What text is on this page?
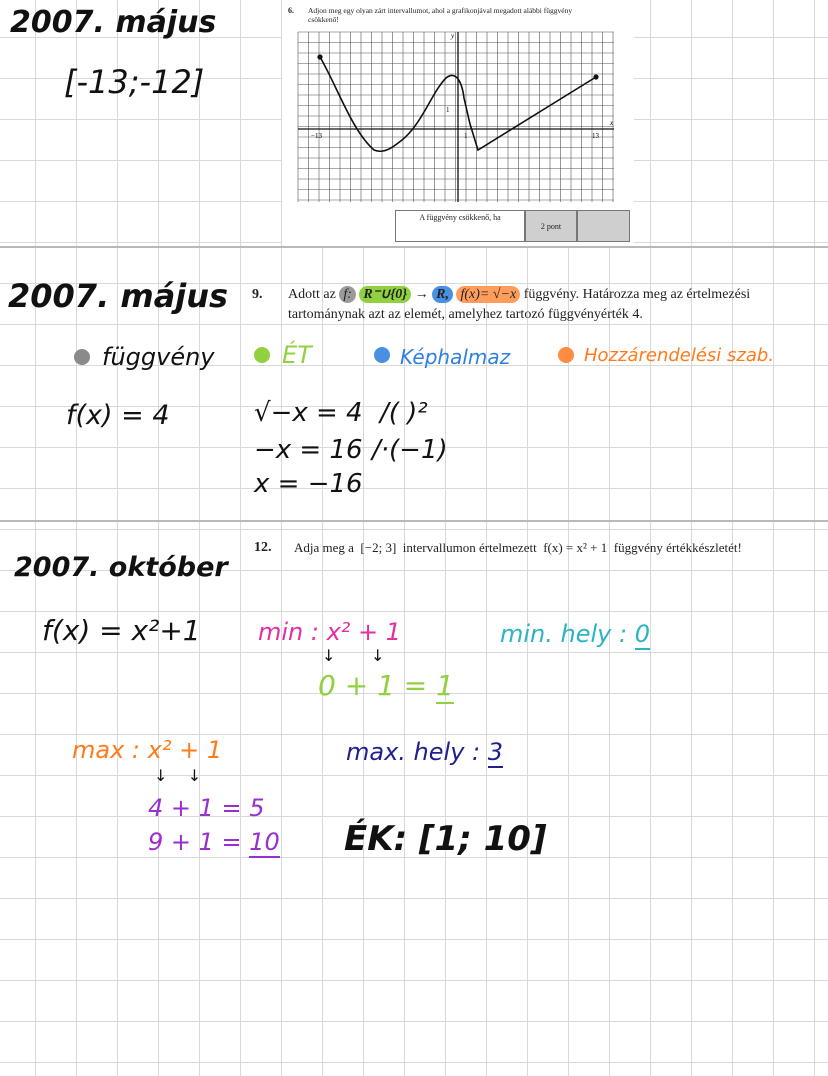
2007. május
[-13;-12]
6. Adjon meg egy olyan zárt intervallumot, ahol a grafikonjával megadott alábbi függvény
csökkenő!
y
x
−13	1	13
1
A függvény csökkenő, ha
2 pont
2007. május 9. Adott az f: R⁻∪{0} → R, f(x)= √−x függvény. Határozza meg az értelmezési
tartománynak azt az elemét, amelyhez tartozó függvényérték 4.
függvény	ÉT	Képhalmaz	Hozzárendelési szab.
f(x) = 4	√−x = 4 /( )²
−x = 16 /·(−1)
x = −16
2007. október
12. Adja meg a  [−2; 3]  intervallumon értelmezett  f(x) = x² + 1  függvény értékkészletét!
f(x) = x²+1 min : x² + 1
↓       ↓
0 + 1 = 1
min. hely : 0
max : x² + 1
↓    ↓
4 + 1 = 5
9 + 1 = 10
max. hely : 3
ÉK: [1; 10]
